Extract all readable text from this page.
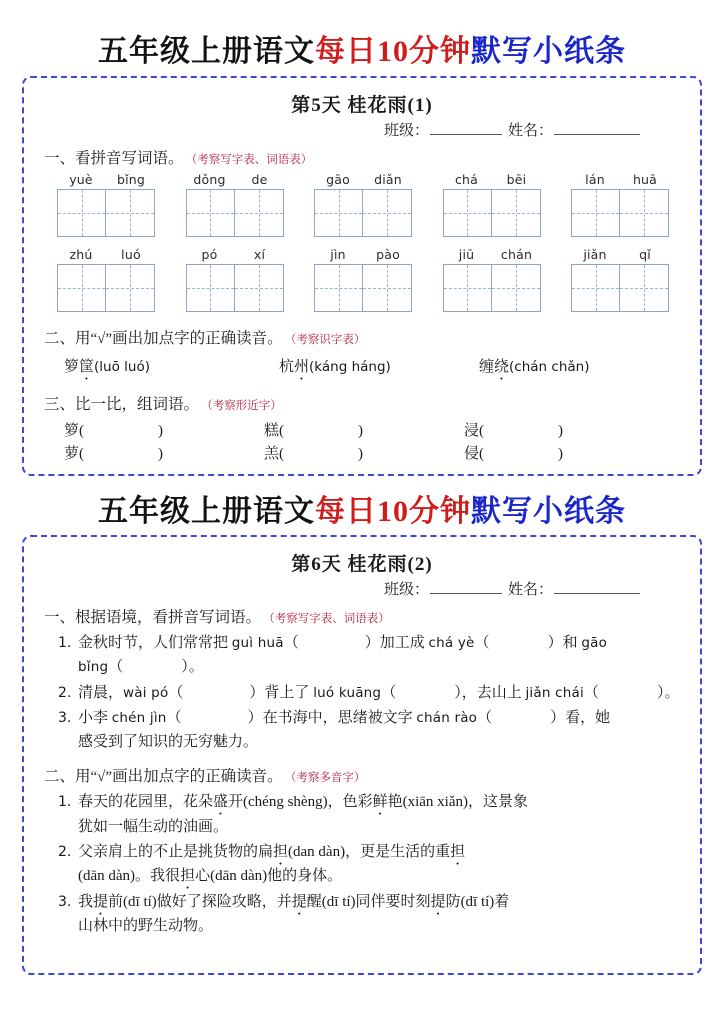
五年级上册语文每日10分钟默写小纸条
第5天 桂花雨(1)
班级：	姓名：
一、看拼音写词语。 （考察写字表、词语表）
yuè	bǐng	dǒng	de	gāo	diǎn	chá	bēi	lán	huā
zhú	luó	pó	xí	jìn	pào	jiū	chán	jiǎn	qǐ
二、用“√”画出加点字的正确读音。 （考察识字表）
箩筐(luō luó)	杭州(káng háng)	缠绕(chán chǎn)
三、比一比，组词语。 （考察形近字）
箩(	)	糕(	)	浸(	)
萝(	)	羔(	)	侵(	)
五年级上册语文每日10分钟默写小纸条
第6天 桂花雨(2)
班级：	姓名：
一、根据语境，看拼音写词语。 （考察写字表、词语表）
1. 金秋时节，人们常常把 guì huā（	）加工成 chá yè（	）和 gāo
bǐng（	）。
2. 清晨，wài pó（	）背上了 luó kuāng（	），去山上 jiǎn chái（	）。
3. 小李 chén jìn（	）在书海中，思绪被文字 chán rào（	）看，她
感受到了知识的无穷魅力。
二、用“√”画出加点字的正确读音。 （考察多音字）
1. 春天的花园里，花朵盛开(chéng shèng)，色彩鲜艳(xiān xiǎn)，这景象
犹如一幅生动的油画。
2. 父亲肩上的不止是挑货物的扁担(dan dàn)，更是生活的重担
(dān dàn)。我很担心(dān dàn)他的身体。
3. 我提前(dī tí)做好了探险攻略，并提醒(dī tí)同伴要时刻提防(dī tí)着
山林中的野生动物。
